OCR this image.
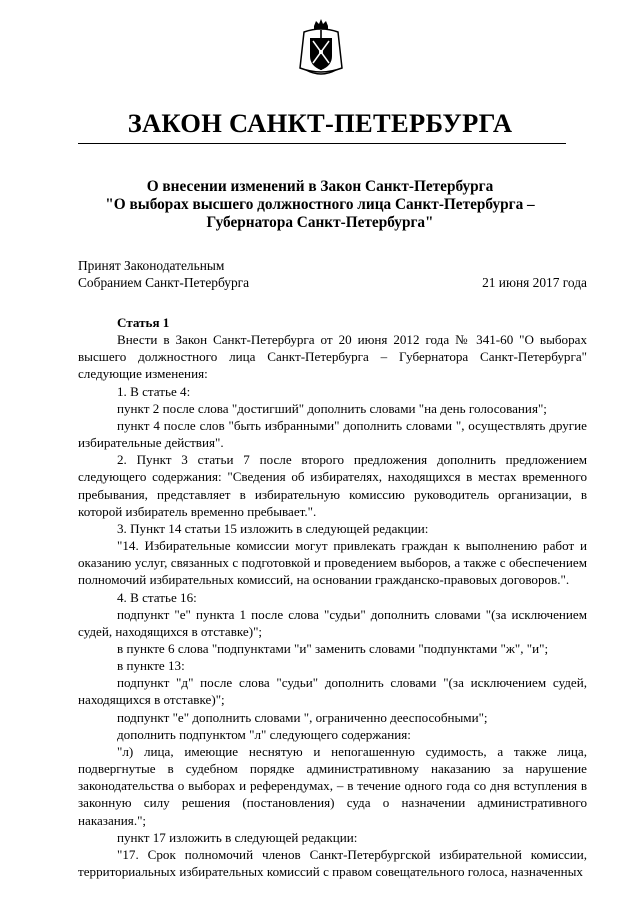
ЗАКОН САНКТ-ПЕТЕРБУРГА
О внесении изменений в Закон Санкт-Петербурга
"О выборах высшего должностного лица Санкт-Петербурга –
Губернатора Санкт-Петербурга"
Принят Законодательным
Собранием Санкт-Петербурга	21 июня 2017 года

Статья 1

Внести в Закон Санкт-Петербурга от 20 июня 2012 года № 341-60 "О выборах высшего должностного лица Санкт-Петербурга – Губернатора Санкт-Петербурга" следующие изменения:

1. В статье 4:

пункт 2 после слова "достигший" дополнить словами "на день голосования";

пункт 4 после слов "быть избранными" дополнить словами ", осуществлять другие избирательные действия".

2. Пункт 3 статьи 7 после второго предложения дополнить предложением следующего содержания: "Сведения об избирателях, находящихся в местах временного пребывания, представляет в избирательную комиссию руководитель организации, в которой избиратель временно пребывает.".

3. Пункт 14 статьи 15 изложить в следующей редакции:

"14. Избирательные комиссии могут привлекать граждан к выполнению работ и оказанию услуг, связанных с подготовкой и проведением выборов, а также с обеспечением полномочий избирательных комиссий, на основании гражданско-правовых договоров.".

4. В статье 16:

подпункт "е" пункта 1 после слова "судьи" дополнить словами "(за исключением судей, находящихся в отставке)";

в пункте 6 слова "подпунктами "и" заменить словами "подпунктами "ж", "и";

в пункте 13:

подпункт "д" после слова "судьи" дополнить словами "(за исключением судей, находящихся в отставке)";

подпункт "е" дополнить словами ", ограниченно дееспособными";

дополнить подпунктом "л" следующего содержания:

"л) лица, имеющие неснятую и непогашенную судимость, а также лица, подвергнутые в судебном порядке административному наказанию за нарушение законодательства о выборах и референдумах, – в течение одного года со дня вступления в законную силу решения (постановления) суда о назначении административного наказания.";

пункт 17 изложить в следующей редакции:

"17. Срок полномочий членов Санкт-Петербургской избирательной комиссии, территориальных избирательных комиссий с правом совещательного голоса, назначенных
